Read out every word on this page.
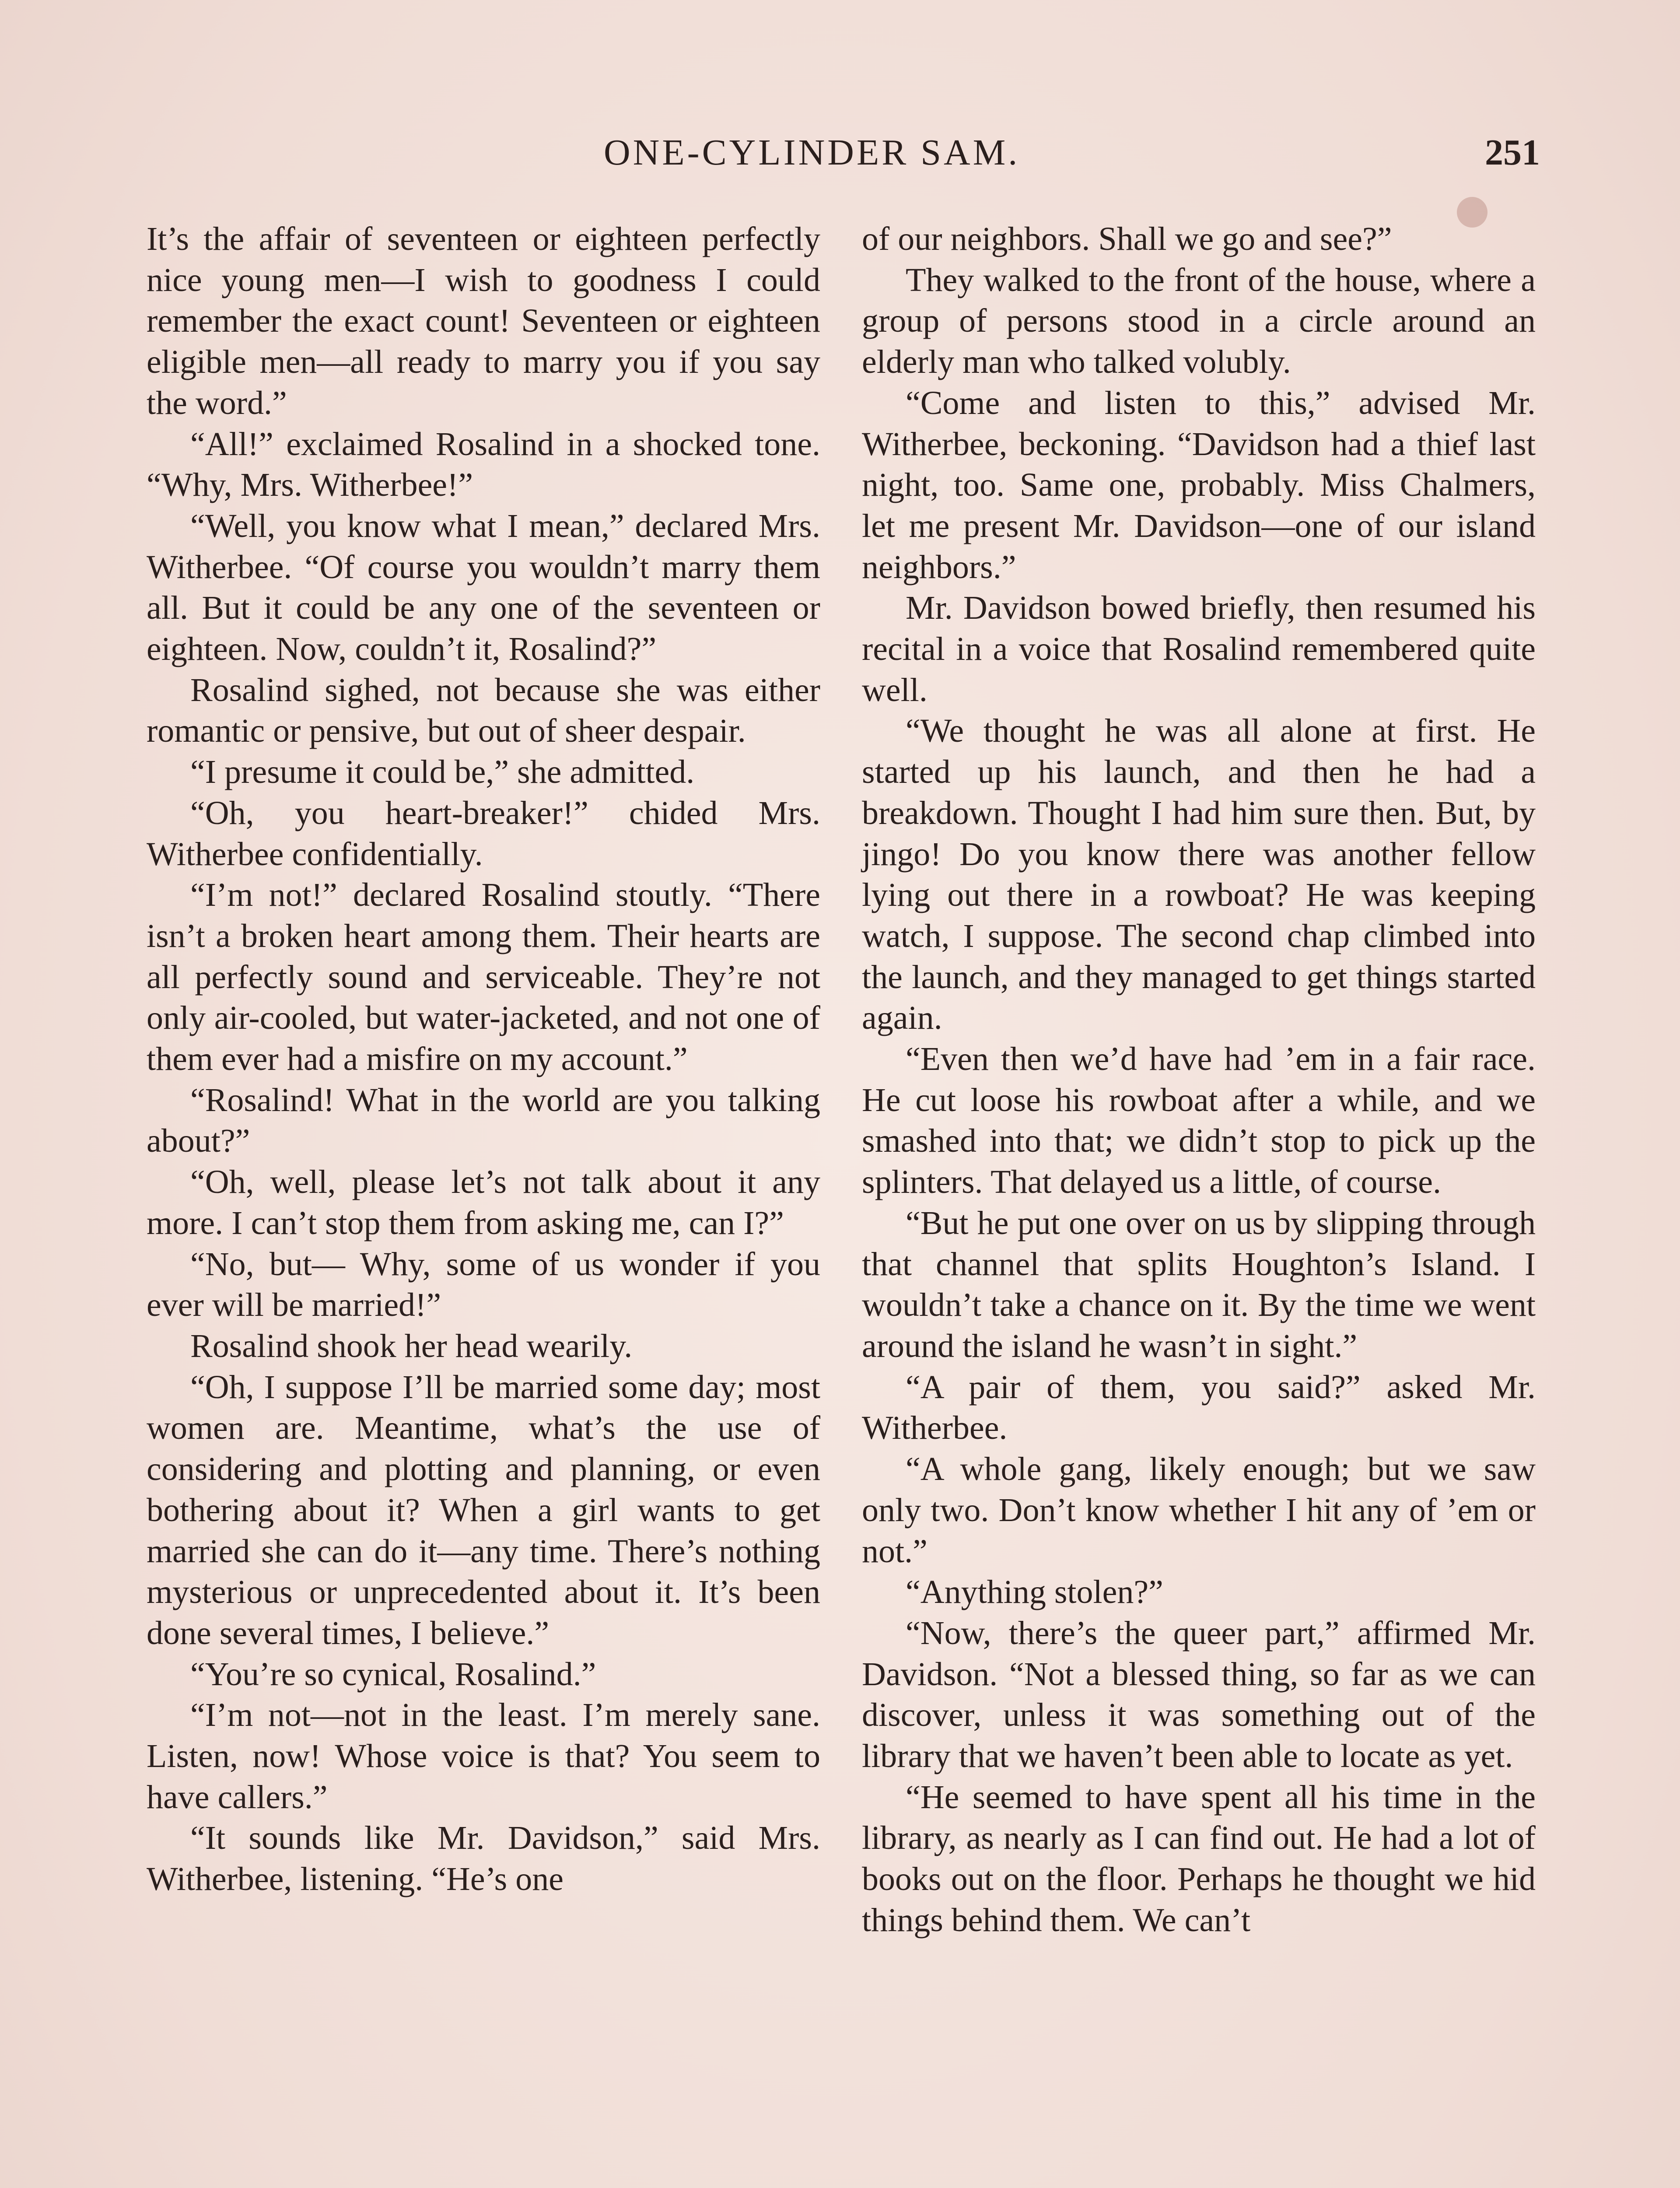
ONE-CYLINDER SAM.	251

It’s the affair of seventeen or eighteen perfectly nice young men—I wish to goodness I could remember the exact count! Seventeen or eighteen eligible men—all ready to marry you if you say the word.”

“All!” exclaimed Rosalind in a shocked tone. “Why, Mrs. Witherbee!”

“Well, you know what I mean,” declared Mrs. Witherbee. “Of course you wouldn’t marry them all. But it could be any one of the seventeen or eighteen. Now, couldn’t it, Rosalind?”

Rosalind sighed, not because she was either romantic or pensive, but out of sheer despair.

“I presume it could be,” she admitted.

“Oh, you heart-breaker!” chided Mrs. Witherbee confidentially.

“I’m not!” declared Rosalind stoutly. “There isn’t a broken heart among them. Their hearts are all perfectly sound and serviceable. They’re not only air-cooled, but water-jacketed, and not one of them ever had a misfire on my account.”

“Rosalind! What in the world are you talking about?”

“Oh, well, please let’s not talk about it any more. I can’t stop them from asking me, can I?”

“No, but— Why, some of us wonder if you ever will be married!”

Rosalind shook her head wearily.

“Oh, I suppose I’ll be married some day; most women are. Meantime, what’s the use of considering and plotting and planning, or even bothering about it? When a girl wants to get married she can do it—any time. There’s nothing mysterious or unprecedented about it. It’s been done several times, I believe.”

“You’re so cynical, Rosalind.”

“I’m not—not in the least. I’m merely sane. Listen, now! Whose voice is that? You seem to have callers.”

“It sounds like Mr. Davidson,” said Mrs. Witherbee, listening. “He’s one

of our neighbors. Shall we go and see?”

They walked to the front of the house, where a group of persons stood in a circle around an elderly man who talked volubly.

“Come and listen to this,” advised Mr. Witherbee, beckoning. “Davidson had a thief last night, too. Same one, probably. Miss Chalmers, let me present Mr. Davidson—one of our island neighbors.”

Mr. Davidson bowed briefly, then resumed his recital in a voice that Rosalind remembered quite well.

“We thought he was all alone at first. He started up his launch, and then he had a breakdown. Thought I had him sure then. But, by jingo! Do you know there was another fellow lying out there in a rowboat? He was keeping watch, I suppose. The second chap climbed into the launch, and they managed to get things started again.

“Even then we’d have had ’em in a fair race. He cut loose his rowboat after a while, and we smashed into that; we didn’t stop to pick up the splinters. That delayed us a little, of course.

“But he put one over on us by slipping through that channel that splits Houghton’s Island. I wouldn’t take a chance on it. By the time we went around the island he wasn’t in sight.”

“A pair of them, you said?” asked Mr. Witherbee.

“A whole gang, likely enough; but we saw only two. Don’t know whether I hit any of ’em or not.”

“Anything stolen?”

“Now, there’s the queer part,” affirmed Mr. Davidson. “Not a blessed thing, so far as we can discover, unless it was something out of the library that we haven’t been able to locate as yet.

“He seemed to have spent all his time in the library, as nearly as I can find out. He had a lot of books out on the floor. Perhaps he thought we hid things behind them. We can’t
